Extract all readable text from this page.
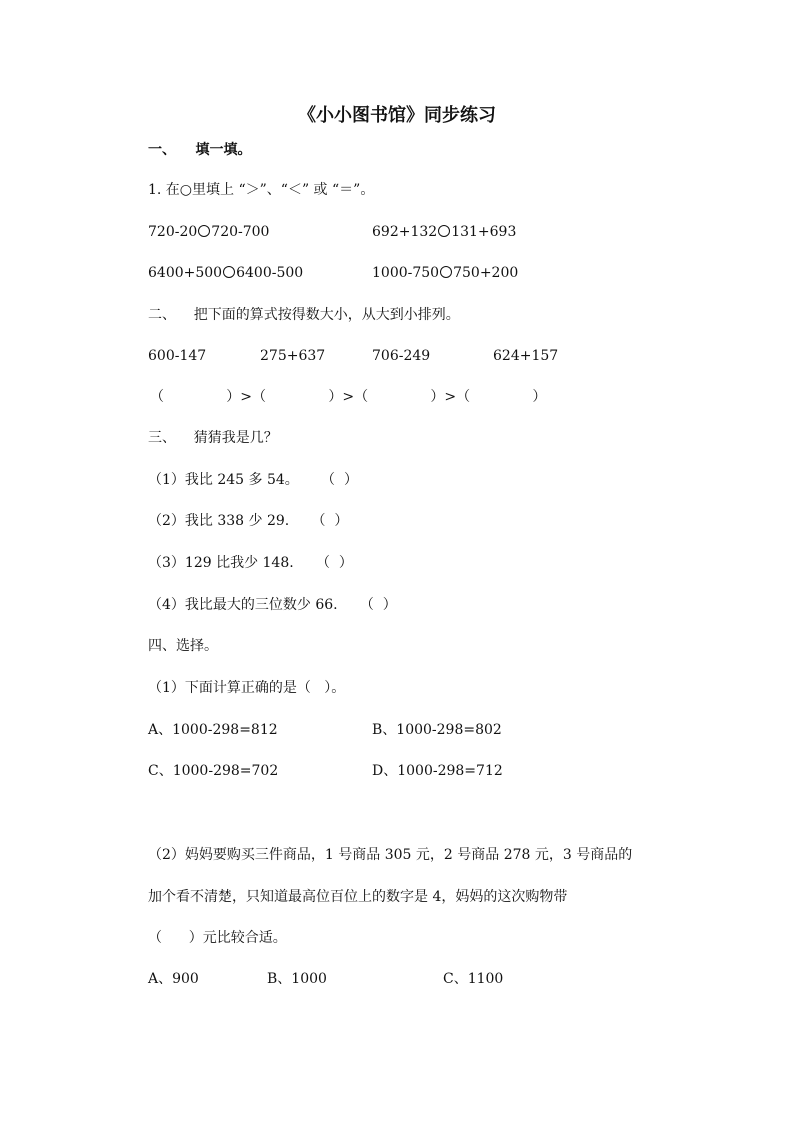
《小小图书馆》同步练习
一、    填一填。
1. 在○里填上 “＞”、“＜” 或 “＝”。
720-20 720-700	692+132 131+693
6400+500 6400-500	1000-750 750+200
二、    把下面的算式按得数大小，从大到小排列。
600-147	275+637	706-249	624+157
（              ）>（              ）>（              ）>（              ）
三、    猜猜我是几？
（1）我比 245 多 54。     （  ）
（2）我比 338 少 29.     （  ）
（3）129 比我少 148.     （  ）
（4）我比最大的三位数少 66.     （  ）
四、选择。
（1）下面计算正确的是（   ）。
A、1000-298=812	B、1000-298=802
C、1000-298=702	D、1000-298=712
（2）妈妈要购买三件商品，1 号商品 305 元，2 号商品 278 元，3 号商品的
加个看不清楚，只知道最高位百位上的数字是 4，妈妈的这次购物带
（      ）元比较合适。
A、900	B、1000	C、1100
